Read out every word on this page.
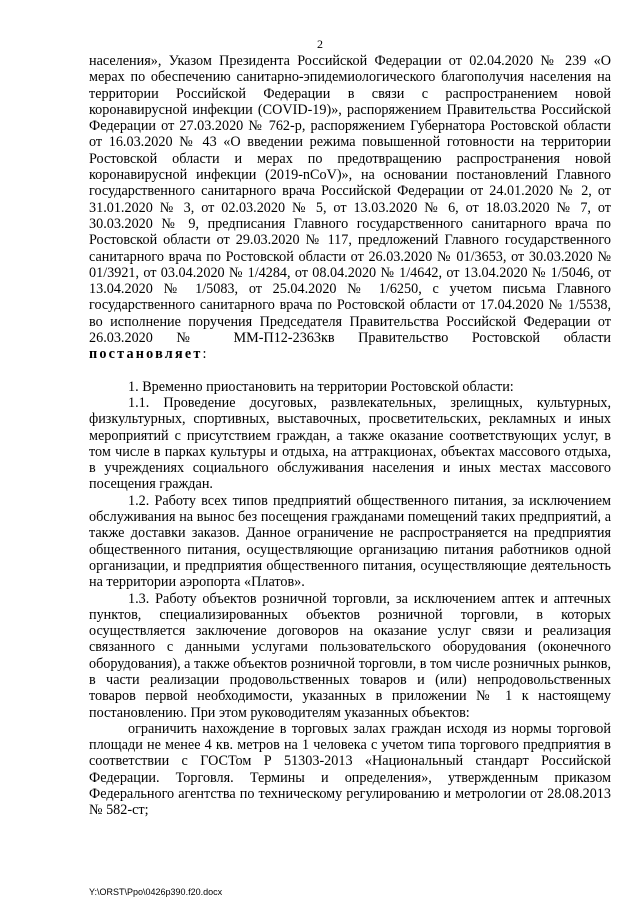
2

населения», Указом Президента Российской Федерации от 02.04.2020 № 239 «О мерах по обеспечению санитарно-эпидемиологического благополучия населения на территории Российской Федерации в связи с распространением новой коронавирусной инфекции (COVID-19)», распоряжением Правительства Российской Федерации от 27.03.2020 № 762-р, распоряжением Губернатора Ростовской области от 16.03.2020 № 43 «О введении режима повышенной готовности на территории Ростовской области и мерах по предотвращению распространения новой коронавирусной инфекции (2019-nCoV)», на основании постановлений Главного государственного санитарного врача Российской Федерации от 24.01.2020 № 2, от 31.01.2020 № 3, от 02.03.2020 № 5, от 13.03.2020 № 6, от 18.03.2020 № 7, от 30.03.2020 № 9, предписания Главного государственного санитарного врача по Ростовской области от 29.03.2020 № 117, предложений Главного государственного санитарного врача по Ростовской области от 26.03.2020 № 01/3653, от 30.03.2020 № 01/3921, от 03.04.2020 № 1/4284, от 08.04.2020 № 1/4642, от 13.04.2020 № 1/5046, от 13.04.2020 № 1/5083, от 25.04.2020 № 1/6250, с учетом письма Главного государственного санитарного врача по Ростовской области от 17.04.2020 № 1/5538, во исполнение поручения Председателя Правительства Российской Федерации от 26.03.2020 № ММ-П12-2363кв Правительство Ростовской области постановляет:

1. Временно приостановить на территории Ростовской области:

1.1. Проведение досуговых, развлекательных, зрелищных, культурных, физкультурных, спортивных, выставочных, просветительских, рекламных и иных мероприятий с присутствием граждан, а также оказание соответствующих услуг, в том числе в парках культуры и отдыха, на аттракционах, объектах массового отдыха, в учреждениях социального обслуживания населения и иных местах массового посещения граждан.

1.2. Работу всех типов предприятий общественного питания, за исключением обслуживания на вынос без посещения гражданами помещений таких предприятий, а также доставки заказов. Данное ограничение не распространяется на предприятия общественного питания, осуществляющие организацию питания работников одной организации, и предприятия общественного питания, осуществляющие деятельность на территории аэропорта «Платов».

1.3. Работу объектов розничной торговли, за исключением аптек и аптечных пунктов, специализированных объектов розничной торговли, в которых осуществляется заключение договоров на оказание услуг связи и реализация связанного с данными услугами пользовательского оборудования (оконечного оборудования), а также объектов розничной торговли, в том числе розничных рынков, в части реализации продовольственных товаров и (или) непродовольственных товаров первой необходимости, указанных в приложении № 1 к настоящему постановлению. При этом руководителям указанных объектов:

ограничить нахождение в торговых залах граждан исходя из нормы торговой площади не менее 4 кв. метров на 1 человека с учетом типа торгового предприятия в соответствии с ГОСТом Р 51303-2013 «Национальный стандарт Российской Федерации. Торговля. Термины и определения», утвержденным приказом Федерального агентства по техническому регулированию и метрологии от 28.08.2013 № 582-ст;

Y:\ORST\Ppo\0426p390.f20.docx
